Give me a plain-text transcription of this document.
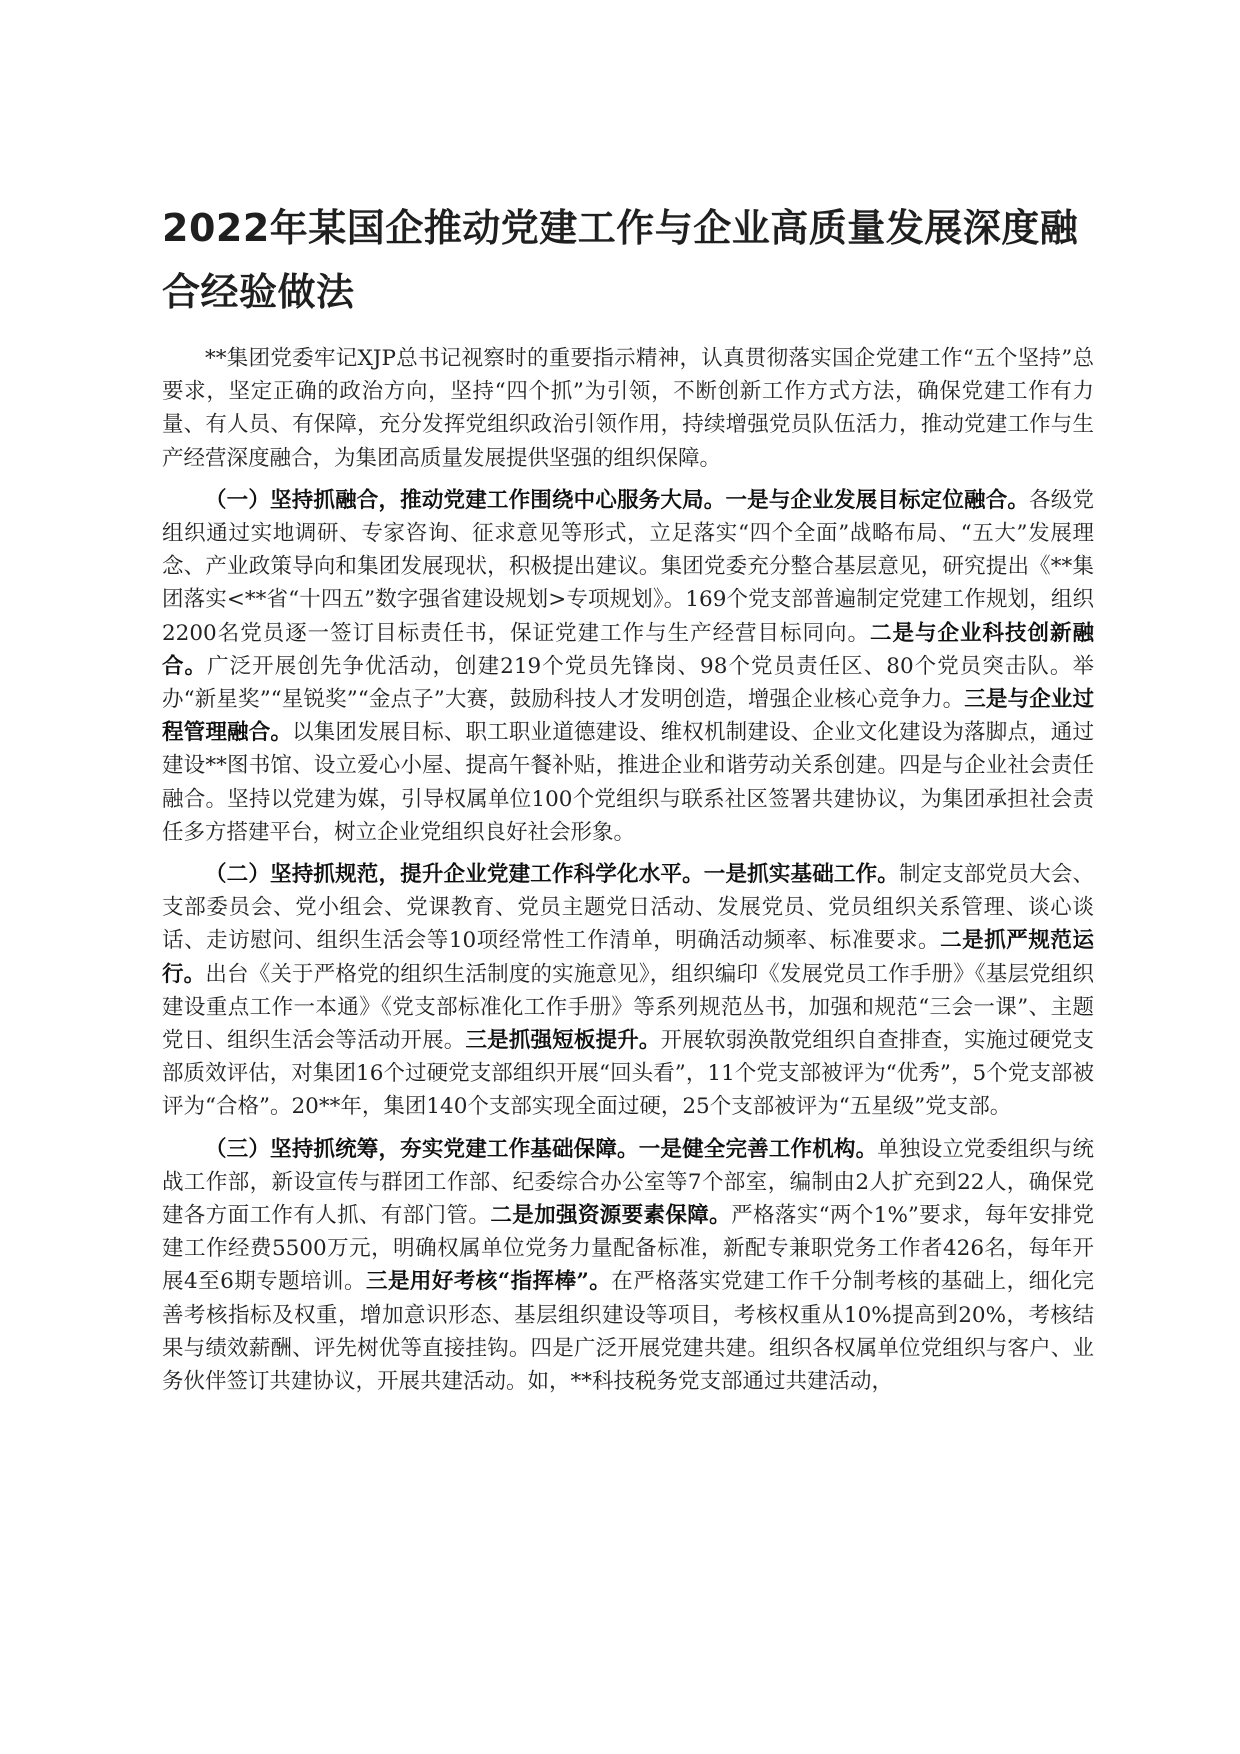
2022年某国企推动党建工作与企业高质量发展深度融合经验做法

**集团党委牢记XJP总书记视察时的重要指示精神，认真贯彻落实国企党建工作“五个坚持”总要求，坚定正确的政治方向，坚持“四个抓”为引领，不断创新工作方式方法，确保党建工作有力量、有人员、有保障，充分发挥党组织政治引领作用，持续增强党员队伍活力，推动党建工作与生产经营深度融合，为集团高质量发展提供坚强的组织保障。

（一）坚持抓融合，推动党建工作围绕中心服务大局。一是与企业发展目标定位融合。各级党组织通过实地调研、专家咨询、征求意见等形式，立足落实“四个全面”战略布局、“五大”发展理念、产业政策导向和集团发展现状，积极提出建议。集团党委充分整合基层意见，研究提出《**集团落实<**省“十四五”数字强省建设规划>专项规划》。169个党支部普遍制定党建工作规划，组织2200名党员逐一签订目标责任书，保证党建工作与生产经营目标同向。二是与企业科技创新融合。广泛开展创先争优活动，创建219个党员先锋岗、98个党员责任区、80个党员突击队。举办“新星奖”“星锐奖”“金点子”大赛，鼓励科技人才发明创造，增强企业核心竞争力。三是与企业过程管理融合。以集团发展目标、职工职业道德建设、维权机制建设、企业文化建设为落脚点，通过建设**图书馆、设立爱心小屋、提高午餐补贴，推进企业和谐劳动关系创建。四是与企业社会责任融合。坚持以党建为媒，引导权属单位100个党组织与联系社区签署共建协议，为集团承担社会责任多方搭建平台，树立企业党组织良好社会形象。

（二）坚持抓规范，提升企业党建工作科学化水平。一是抓实基础工作。制定支部党员大会、支部委员会、党小组会、党课教育、党员主题党日活动、发展党员、党员组织关系管理、谈心谈话、走访慰问、组织生活会等10项经常性工作清单，明确活动频率、标准要求。二是抓严规范运行。出台《关于严格党的组织生活制度的实施意见》，组织编印《发展党员工作手册》《基层党组织建设重点工作一本通》《党支部标准化工作手册》等系列规范丛书，加强和规范“三会一课”、主题党日、组织生活会等活动开展。三是抓强短板提升。开展软弱涣散党组织自查排查，实施过硬党支部质效评估，对集团16个过硬党支部组织开展“回头看”，11个党支部被评为“优秀”，5个党支部被评为“合格”。20**年，集团140个支部实现全面过硬，25个支部被评为“五星级”党支部。

（三）坚持抓统筹，夯实党建工作基础保障。一是健全完善工作机构。单独设立党委组织与统战工作部，新设宣传与群团工作部、纪委综合办公室等7个部室，编制由2人扩充到22人，确保党建各方面工作有人抓、有部门管。二是加强资源要素保障。严格落实“两个1%”要求，每年安排党建工作经费5500万元，明确权属单位党务力量配备标准，新配专兼职党务工作者426名，每年开展4至6期专题培训。三是用好考核“指挥棒”。在严格落实党建工作千分制考核的基础上，细化完善考核指标及权重，增加意识形态、基层组织建设等项目，考核权重从10%提高到20%，考核结果与绩效薪酬、评先树优等直接挂钩。四是广泛开展党建共建。组织各权属单位党组织与客户、业务伙伴签订共建协议，开展共建活动。如，**科技税务党支部通过共建活动，
